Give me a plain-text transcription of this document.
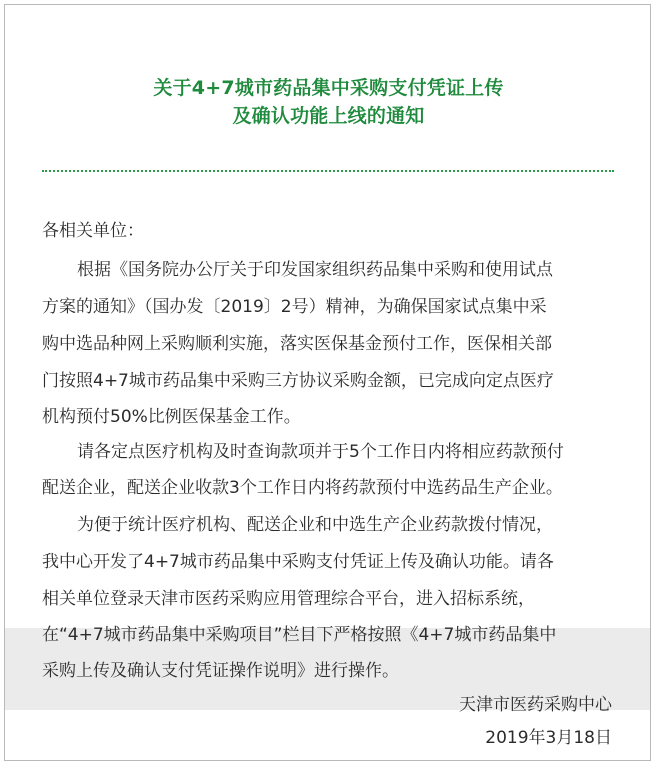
关于4+7城市药品集中采购支付凭证上传
及确认功能上线的通知
各相关单位：
根据《国务院办公厅关于印发国家组织药品集中采购和使用试点
方案的通知》（国办发〔2019〕2号）精神，为确保国家试点集中采
购中选品种网上采购顺利实施，落实医保基金预付工作，医保相关部
门按照4+7城市药品集中采购三方协议采购金额，已完成向定点医疗
机构预付50%比例医保基金工作。
请各定点医疗机构及时查询款项并于5个工作日内将相应药款预付
配送企业，配送企业收款3个工作日内将药款预付中选药品生产企业。
为便于统计医疗机构、配送企业和中选生产企业药款拨付情况，
我中心开发了4+7城市药品集中采购支付凭证上传及确认功能。请各
相关单位登录天津市医药采购应用管理综合平台，进入招标系统，
在“4+7城市药品集中采购项目”栏目下严格按照《4+7城市药品集中
采购上传及确认支付凭证操作说明》进行操作。
天津市医药采购中心
2019年3月18日
